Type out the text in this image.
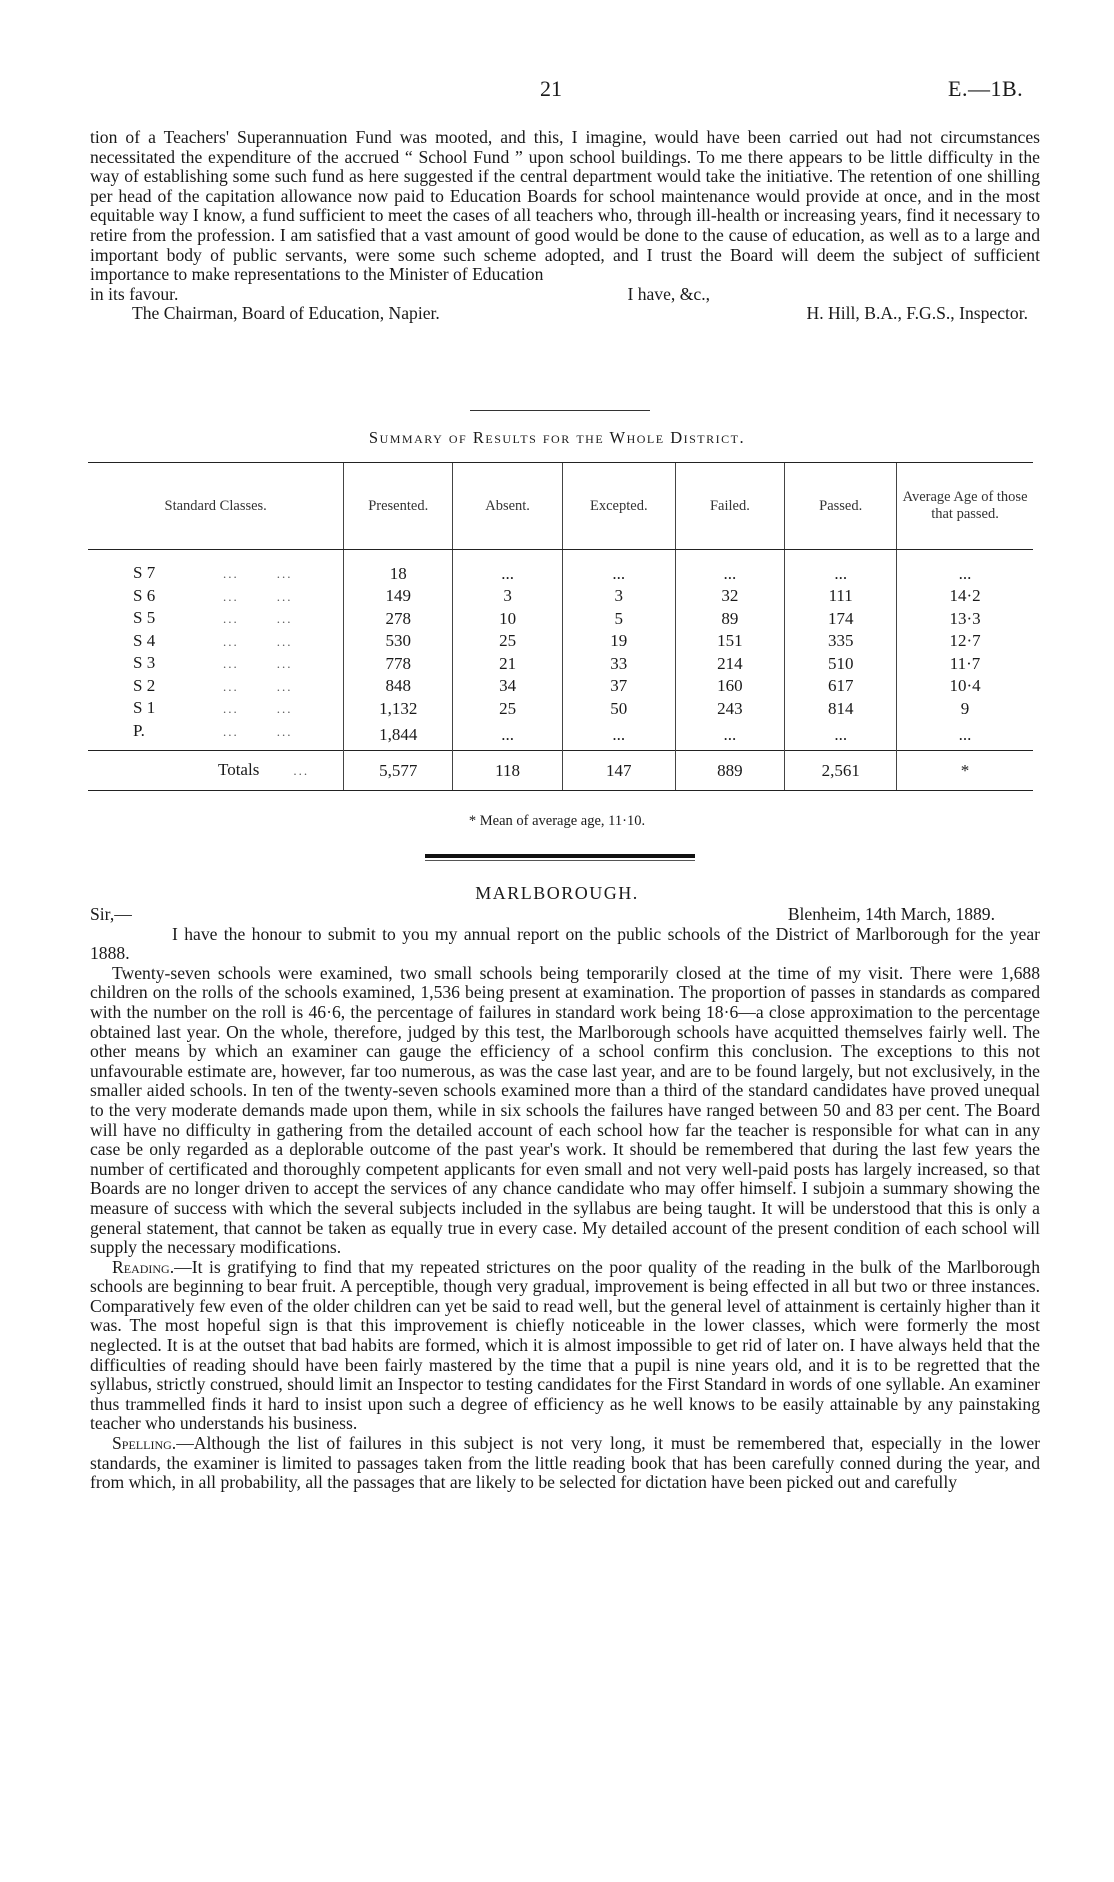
21	E.—1B.

tion of a Teachers' Superannuation Fund was mooted, and this, I imagine, would have been carried out had not circumstances necessitated the expenditure of the accrued “ School Fund ” upon school buildings. To me there appears to be little difficulty in the way of establishing some such fund as here suggested if the central department would take the initiative. The retention of one shilling per head of the capitation allowance now paid to Education Boards for school maintenance would provide at once, and in the most equitable way I know, a fund sufficient to meet the cases of all teachers who, through ill-health or increasing years, find it necessary to retire from the profession. I am satisfied that a vast amount of good would be done to the cause of education, as well as to a large and important body of public servants, were some such scheme adopted, and I trust the Board will deem the subject of sufficient importance to make representations to the Minister of Education

in its favour.	I have, &c.,
The Chairman, Board of Education, Napier.	H. Hill, B.A., F.G.S., Inspector.
Summary of Results for the Whole District.
Standard Classes.	Presented.	Absent.	Excepted.	Failed.	Passed.	Average Age of those that passed.
S 7 ... ...	18	...	...	...	...	...
S 6 ... ...	149	3	3	32	111	14·2
S 5 ... ...	278	10	5	89	174	13·3
S 4 ... ...	530	25	19	151	335	12·7
S 3 ... ...	778	21	33	214	510	11·7
S 2 ... ...	848	34	37	160	617	10·4
S 1 ... ...	1,132	25	50	243	814	9
P. ... ...	1,844	...	...	...	...	...
Totals ...	5,577	118	147	889	2,561	*
* Mean of average age, 11·10.
MARLBOROUGH.
Sir,—	Blenheim, 14th March, 1889.

I have the honour to submit to you my annual report on the public schools of the District of Marlborough for the year 1888.

Twenty-seven schools were examined, two small schools being temporarily closed at the time of my visit. There were 1,688 children on the rolls of the schools examined, 1,536 being present at examination. The proportion of passes in standards as compared with the number on the roll is 46·6, the percentage of failures in standard work being 18·6—a close approximation to the percentage obtained last year. On the whole, therefore, judged by this test, the Marlborough schools have acquitted themselves fairly well. The other means by which an examiner can gauge the efficiency of a school confirm this conclusion. The exceptions to this not unfavourable estimate are, however, far too numerous, as was the case last year, and are to be found largely, but not exclusively, in the smaller aided schools. In ten of the twenty-seven schools examined more than a third of the standard candidates have proved unequal to the very moderate demands made upon them, while in six schools the failures have ranged between 50 and 83 per cent. The Board will have no difficulty in gathering from the detailed account of each school how far the teacher is responsible for what can in any case be only regarded as a deplorable outcome of the past year's work. It should be remembered that during the last few years the number of certificated and thoroughly competent applicants for even small and not very well-paid posts has largely increased, so that Boards are no longer driven to accept the services of any chance candidate who may offer himself. I subjoin a summary showing the measure of success with which the several subjects included in the syllabus are being taught. It will be understood that this is only a general statement, that cannot be taken as equally true in every case. My detailed account of the present condition of each school will supply the necessary modifications.

Reading.—It is gratifying to find that my repeated strictures on the poor quality of the reading in the bulk of the Marlborough schools are beginning to bear fruit. A perceptible, though very gradual, improvement is being effected in all but two or three instances. Comparatively few even of the older children can yet be said to read well, but the general level of attainment is certainly higher than it was. The most hopeful sign is that this improvement is chiefly noticeable in the lower classes, which were formerly the most neglected. It is at the outset that bad habits are formed, which it is almost impossible to get rid of later on. I have always held that the difficulties of reading should have been fairly mastered by the time that a pupil is nine years old, and it is to be regretted that the syllabus, strictly construed, should limit an Inspector to testing candidates for the First Standard in words of one syllable. An examiner thus trammelled finds it hard to insist upon such a degree of efficiency as he well knows to be easily attainable by any painstaking teacher who understands his business.

Spelling.—Although the list of failures in this subject is not very long, it must be remembered that, especially in the lower standards, the examiner is limited to passages taken from the little reading book that has been carefully conned during the year, and from which, in all probability, all the passages that are likely to be selected for dictation have been picked out and carefully
